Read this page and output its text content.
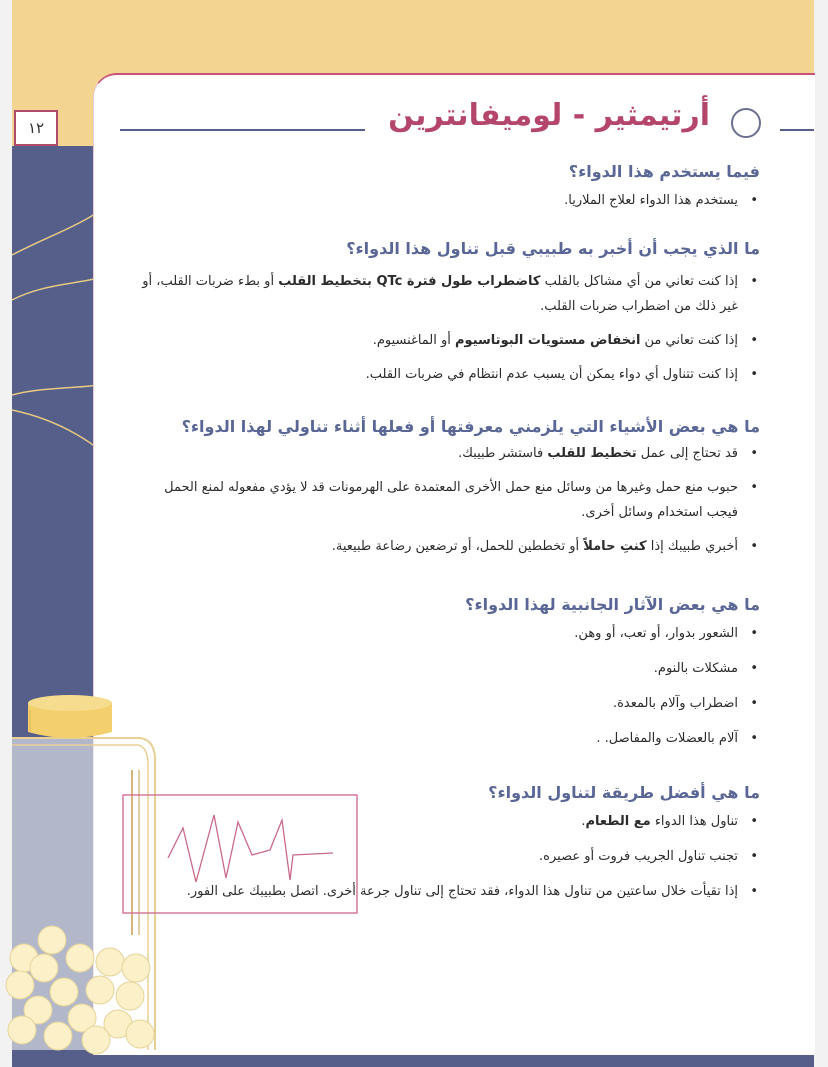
١٢	أرتيمثير - لوميفانترين
فيما يستخدم هذا الدواء؟
• يستخدم هذا الدواء لعلاج الملاريا.
ما الذي يجب أن أخبر به طبيبي قبل تناول هذا الدواء؟
• إذا كنت تعاني من أي مشاكل بالقلب كاضطراب طول فترة QTc بتخطيط القلب أو بطء ضربات القلب، أو غير ذلك من اضطراب ضربات القلب.
• إذا كنت تعاني من انخفاض مستويات البوتاسيوم أو الماغنسيوم.
• إذا كنت تتناول أي دواء يمكن أن يسبب عدم انتظام في ضربات القلب.
ما هي بعض الأشياء التي يلزمني معرفتها أو فعلها أثناء تناولي لهذا الدواء؟
• قد تحتاج إلى عمل تخطيط للقلب فاستشر طبيبك.
• حبوب منع حمل وغيرها من وسائل منع حمل الأخرى المعتمدة على الهرمونات قد لا يؤدي مفعوله لمنع الحمل فيجب استخدام وسائل أخرى.
• أخبري طبيبك إذا كنتِ حاملاً أو تخططين للحمل، أو ترضعين رضاعة طبيعية.
ما هي بعض الآثار الجانبية لهذا الدواء؟
• الشعور بدوار، أو تعب، أو وهن.
• مشكلات بالنوم.
• اضطراب وآلام بالمعدة.
• آلام بالعضلات والمفاصل. .
ما هي أفضل طريقة لتناول الدواء؟
• تناول هذا الدواء مع الطعام.
• تجنب تناول الجريب فروت أو عصيره.
• إذا تقيأت خلال ساعتين من تناول هذا الدواء، فقد تحتاج إلى تناول جرعة أخرى. اتصل بطبيبك على الفور.
